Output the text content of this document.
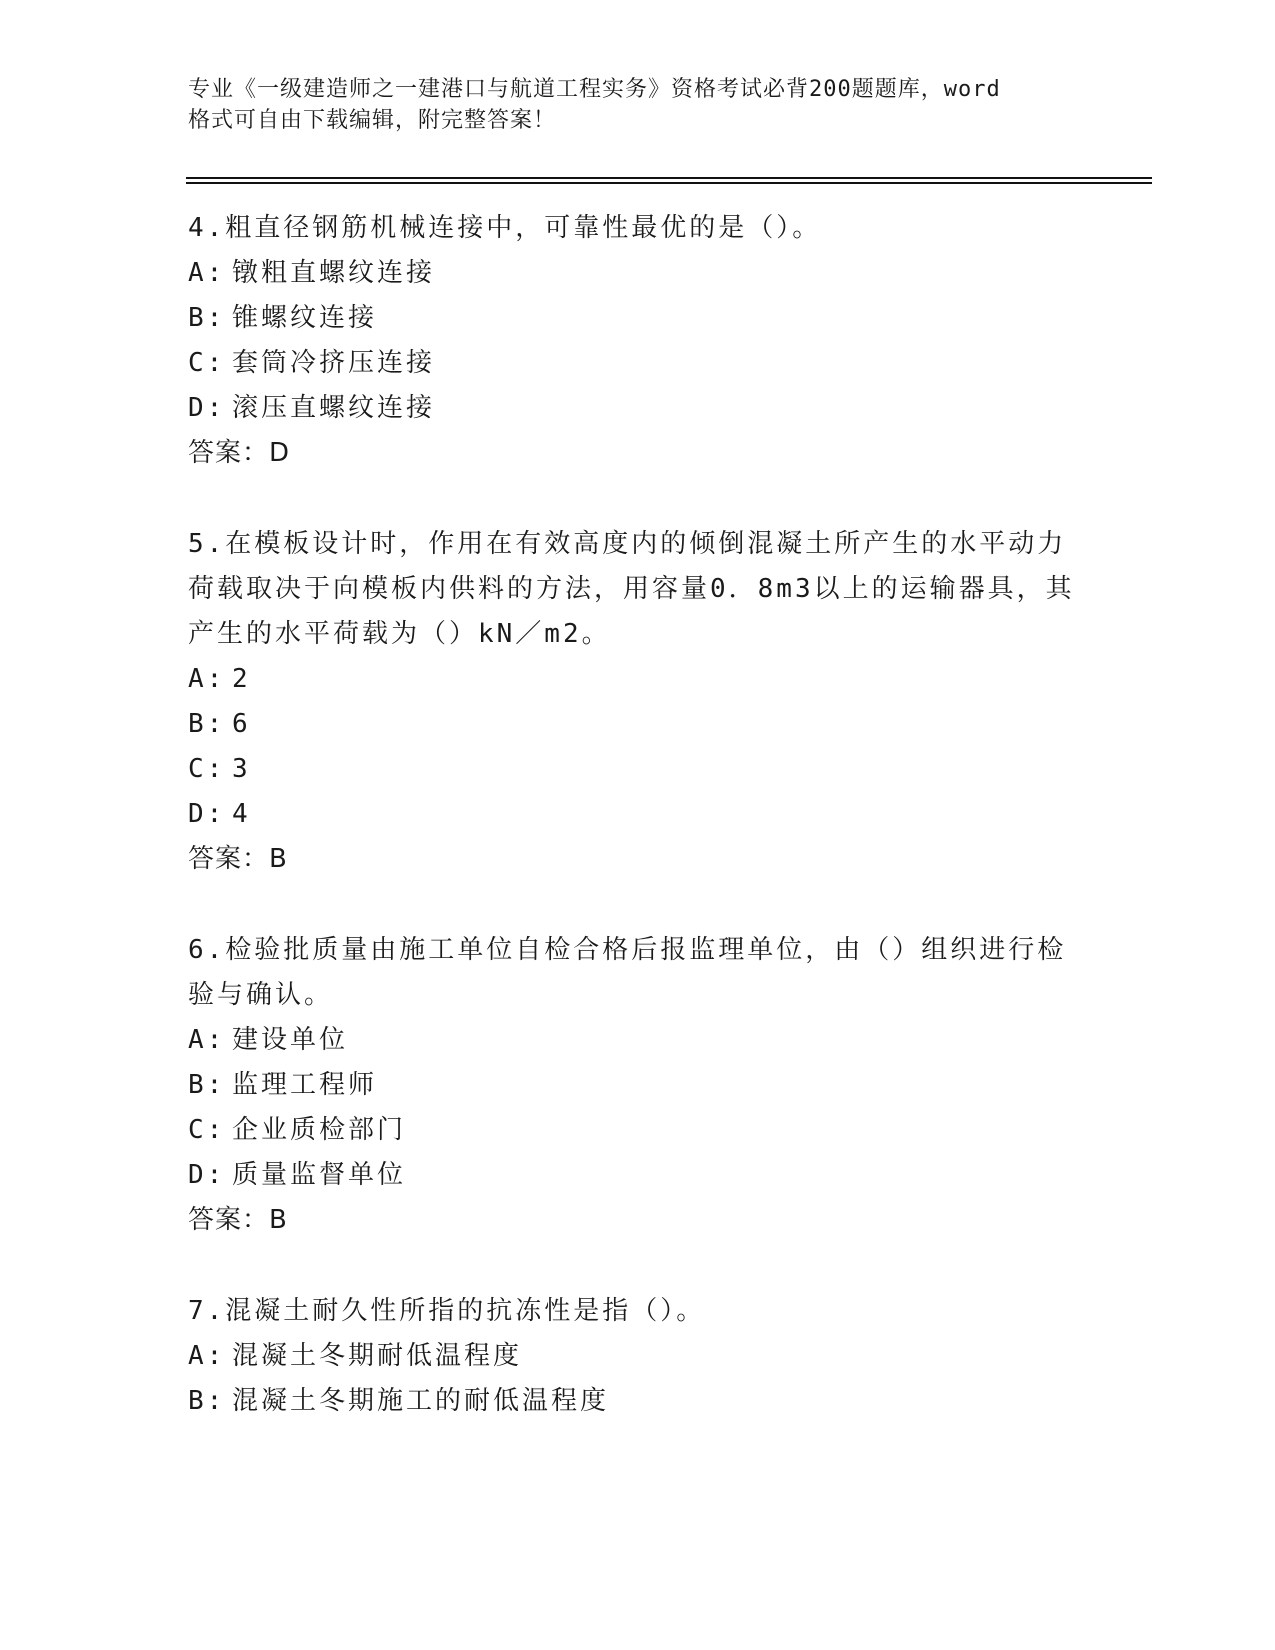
专业《一级建造师之一建港口与航道工程实务》资格考试必背200题题库，word
格式可自由下载编辑，附完整答案！
4.粗直径钢筋机械连接中，可靠性最优的是（）。
A: 镦粗直螺纹连接
B: 锥螺纹连接
C: 套筒冷挤压连接
D: 滚压直螺纹连接
答案：D
5.在模板设计时，作用在有效高度内的倾倒混凝土所产生的水平动力
荷载取决于向模板内供料的方法，用容量0．8m3以上的运输器具，其
产生的水平荷载为（）kN／m2。
A: 2
B: 6
C: 3
D: 4
答案：B
6.检验批质量由施工单位自检合格后报监理单位，由（）组织进行检
验与确认。
A: 建设单位
B: 监理工程师
C: 企业质检部门
D: 质量监督单位
答案：B
7.混凝土耐久性所指的抗冻性是指（）。
A: 混凝土冬期耐低温程度
B: 混凝土冬期施工的耐低温程度
